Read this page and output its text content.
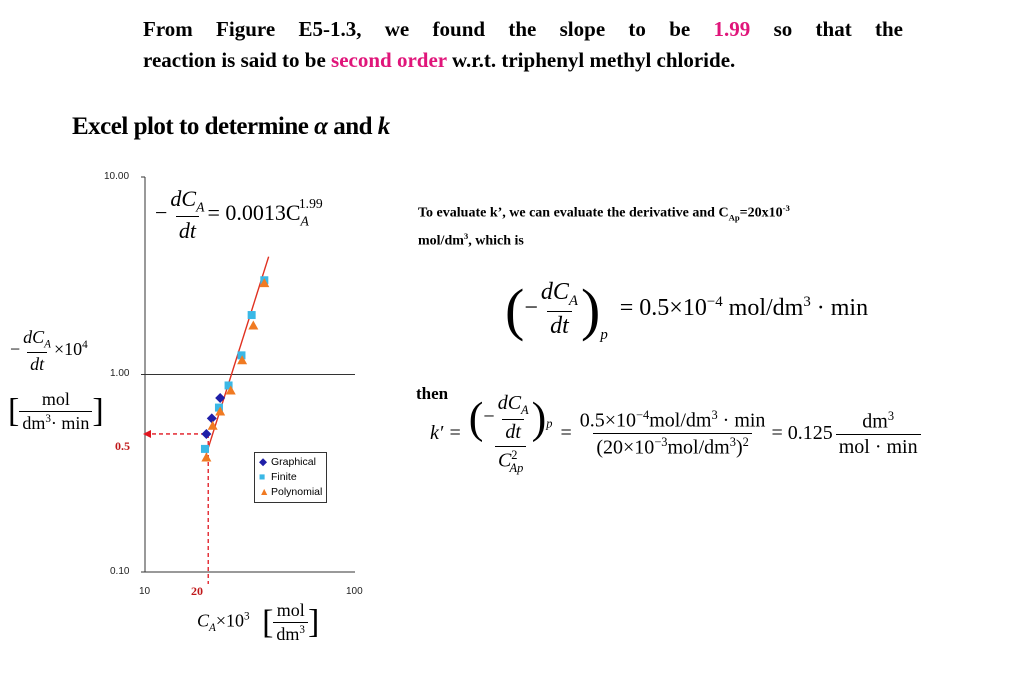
From Figure E5-1.3, we found the slope to be 1.99 so that the
reaction is said to be second order w.r.t. triphenyl methyl chloride.
Excel plot to determine α and k
10.00
1.00
0.10
10	100
20
0.5
− $\frac{dC_A}{dt} = 0.0013C_A^{1.99}$
◆ Graphical
■ Finite
▲ Polynomial
− $\frac{dC_A}{dt} \times 10^4$
[ $\frac{\text{mol}}{dm^3\cdot \min}$ ]
$C_A\times 10^3$ [ $\frac{\text{mol}}{dm^3}$ ]
To evaluate k’, we can evaluate the derivative and $C_{Ap}=20x10^{-3}$
mol/$dm^3$, which is
(− $\frac{dC_A}{dt} )_p = 0.5\times 10^{-4}$ mol/$dm^3 \cdot \min$
then
$k' = \frac{(- \frac{dC_A}{dt} )_p}{C^2_{Ap}} = \frac{0.5\times 10^{-4}mol/dm^3 \cdot \min}{(20\times 10^{-3}mol/dm^3)^2} = 0.125 \frac{dm^3}{\text{mol · min}}$
